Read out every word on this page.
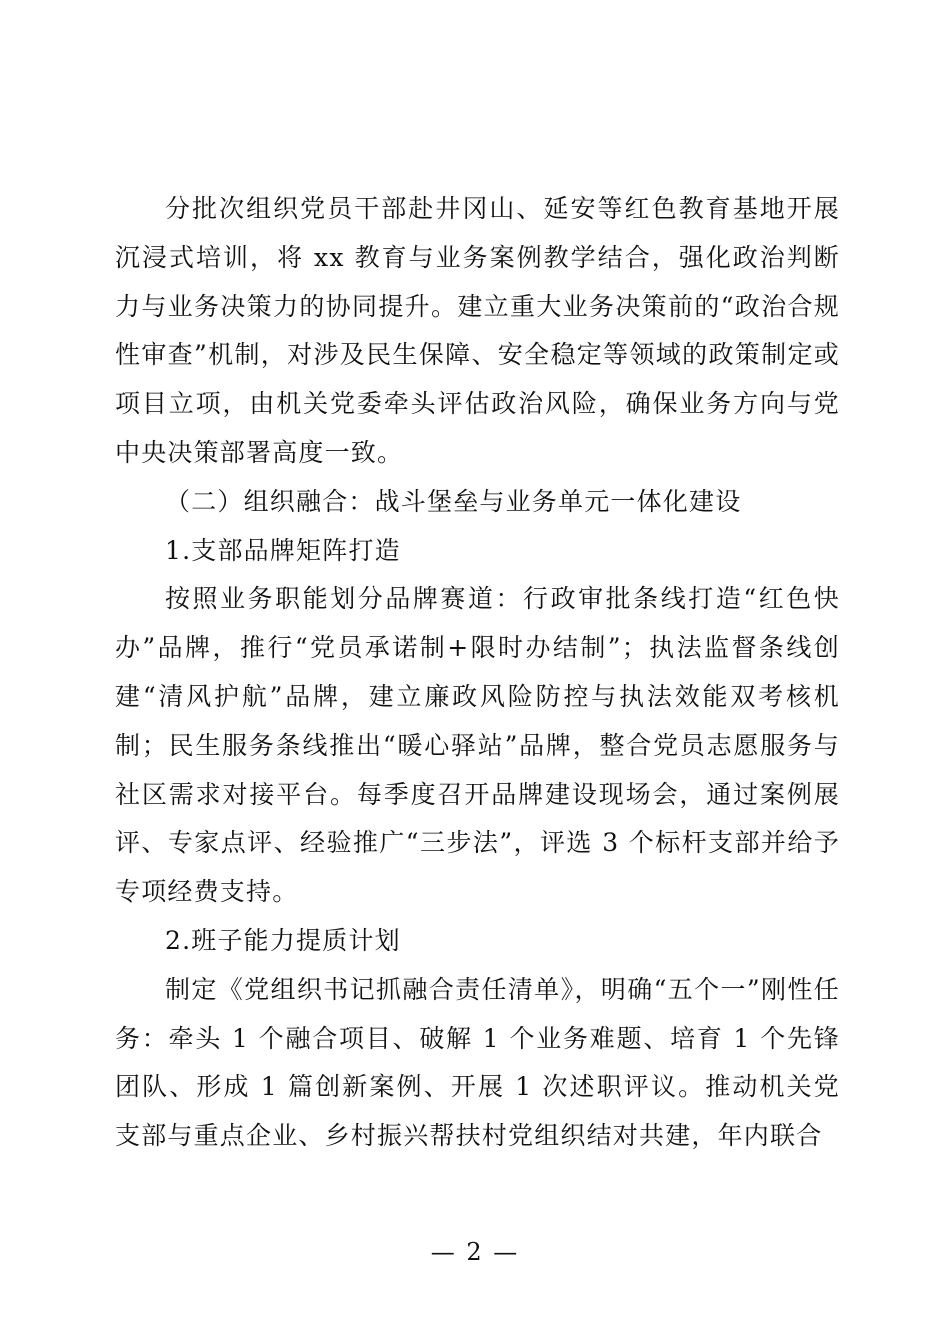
分批次组织党员干部赴井冈山、延安等红色教育基地开展沉浸式培训，将 xx 教育与业务案例教学结合，强化政治判断力与业务决策力的协同提升。建立重大业务决策前的“政治合规性审查”机制，对涉及民生保障、安全稳定等领域的政策制定或项目立项，由机关党委牵头评估政治风险，确保业务方向与党中央决策部署高度一致。

（二）组织融合：战斗堡垒与业务单元一体化建设

1.支部品牌矩阵打造

按照业务职能划分品牌赛道：行政审批条线打造“红色快办”品牌，推行“党员承诺制+限时办结制”；执法监督条线创建“清风护航”品牌，建立廉政风险防控与执法效能双考核机制；民生服务条线推出“暖心驿站”品牌，整合党员志愿服务与社区需求对接平台。每季度召开品牌建设现场会，通过案例展评、专家点评、经验推广“三步法”，评选 3 个标杆支部并给予专项经费支持。

2.班子能力提质计划

制定《党组织书记抓融合责任清单》，明确“五个一”刚性任务：牵头 1 个融合项目、破解 1 个业务难题、培育 1 个先锋团队、形成 1 篇创新案例、开展 1 次述职评议。推动机关党支部与重点企业、乡村振兴帮扶村党组织结对共建，年内联合

— 2 —
